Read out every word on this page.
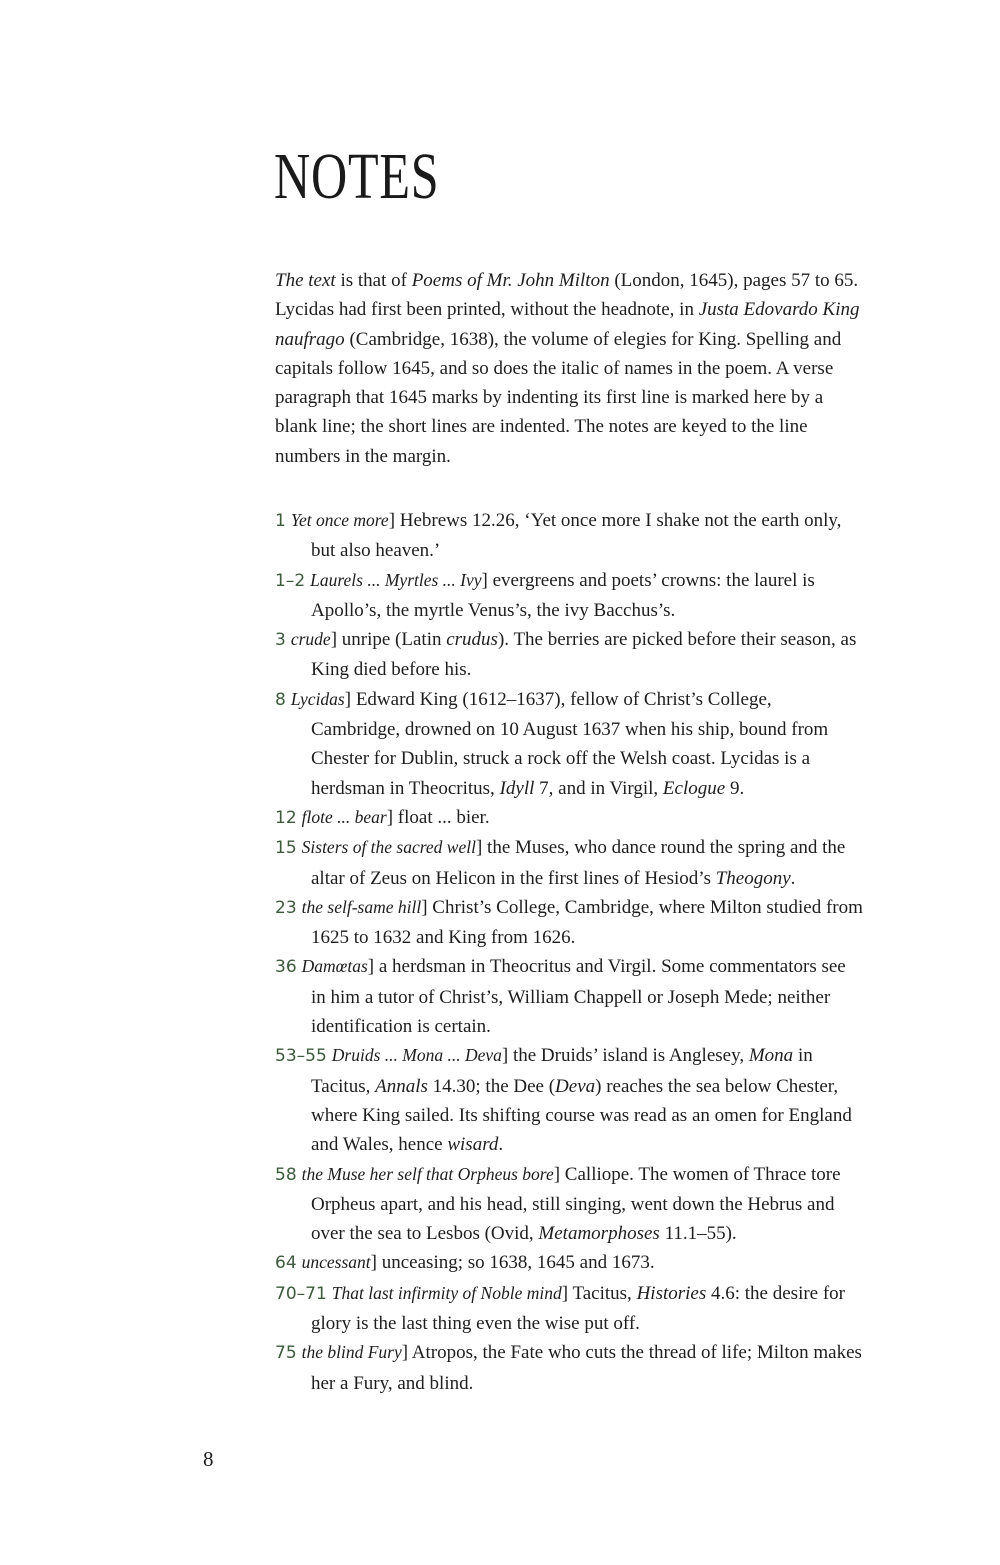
NOTES

The text is that of Poems of Mr. John Milton (London, 1645), pages 57 to 65. Lycidas had first been printed, without the headnote, in Justa Edovardo King naufrago (Cambridge, 1638), the volume of elegies for King. Spelling and capitals follow 1645, and so does the italic of names in the poem. A verse paragraph that 1645 marks by indenting its first line is marked here by a blank line; the short lines are indented. The notes are keyed to the line numbers in the margin.

1 Yet once more] Hebrews 12.26, ‘Yet once more I shake not the earth only, but also heaven.’
1–2 Laurels ... Myrtles ... Ivy] evergreens and poets’ crowns: the laurel is Apollo’s, the myrtle Venus’s, the ivy Bacchus’s.
3 crude] unripe (Latin crudus). The berries are picked before their season, as King died before his.
8 Lycidas] Edward King (1612–1637), fellow of Christ’s College, Cambridge, drowned on 10 August 1637 when his ship, bound from Chester for Dublin, struck a rock off the Welsh coast. Lycidas is a herdsman in Theocritus, Idyll 7, and in Virgil, Eclogue 9.
12 flote ... bear] float ... bier.
15 Sisters of the sacred well] the Muses, who dance round the spring and the altar of Zeus on Helicon in the first lines of Hesiod’s Theogony.
23 the self-same hill] Christ’s College, Cambridge, where Milton studied from 1625 to 1632 and King from 1626.
36 Damœtas] a herdsman in Theocritus and Virgil. Some commentators see in him a tutor of Christ’s, William Chappell or Joseph Mede; neither identification is certain.
53–55 Druids ... Mona ... Deva] the Druids’ island is Anglesey, Mona in Tacitus, Annals 14.30; the Dee (Deva) reaches the sea below Chester, where King sailed. Its shifting course was read as an omen for England and Wales, hence wisard.
58 the Muse her self that Orpheus bore] Calliope. The women of Thrace tore Orpheus apart, and his head, still singing, went down the Hebrus and over the sea to Lesbos (Ovid, Metamorphoses 11.1–55).
64 uncessant] unceasing; so 1638, 1645 and 1673.
70–71 That last infirmity of Noble mind] Tacitus, Histories 4.6: the desire for glory is the last thing even the wise put off.
75 the blind Fury] Atropos, the Fate who cuts the thread of life; Milton makes her a Fury, and blind.
8
